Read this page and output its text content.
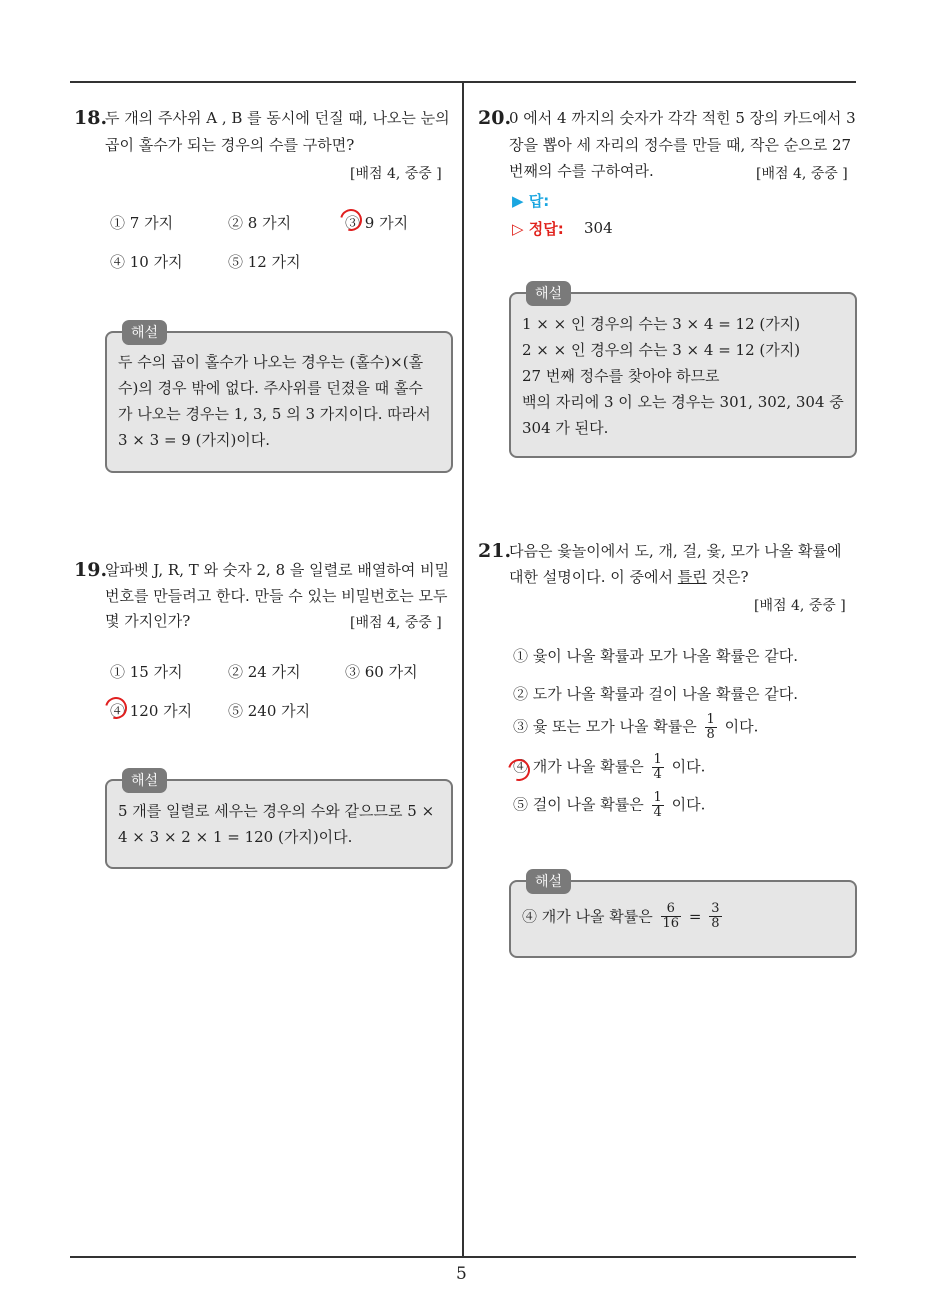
5
18.
두 개의 주사위 A , B 를 동시에 던질 때, 나오는 눈의
곱이 홀수가 되는 경우의 수를 구하면?
[배점 4, 중중 ]
① 7 가지	② 8 가지	③ 9 가지
④ 10 가지	⑤ 12 가지
해설
두 수의 곱이 홀수가 나오는 경우는 (홀수)×(홀
수)의 경우 밖에 없다. 주사위를 던졌을 때 홀수
가 나오는 경우는 1, 3, 5 의 3 가지이다. 따라서
3 × 3 = 9 (가지)이다.
19.
알파벳 J, R, T 와 숫자 2, 8 을 일렬로 배열하여 비밀
번호를 만들려고 한다. 만들 수 있는 비밀번호는 모두
몇 가지인가?	[배점 4, 중중 ]
① 15 가지	② 24 가지	③ 60 가지
④ 120 가지 ⑤ 240 가지
해설
5 개를 일렬로 세우는 경우의 수와 같으므로 5 ×
4 × 3 × 2 × 1 = 120 (가지)이다.
20.
0 에서 4 까지의 숫자가 각각 적힌 5 장의 카드에서 3
장을 뽑아 세 자리의 정수를 만들 때, 작은 순으로 27
번째의 수를 구하여라.	[배점 4, 중중 ]
▶ 답:
▷ 정답: 304
해설
1 × × 인 경우의 수는 3 × 4 = 12 (가지)
2 × × 인 경우의 수는 3 × 4 = 12 (가지)
27 번째 정수를 찾아야 하므로
백의 자리에 3 이 오는 경우는 301, 302, 304 중
304 가 된다.
21.
다음은 윷놀이에서 도, 개, 걸, 윷, 모가 나올 확률에
대한 설명이다. 이 중에서 틀린 것은?
[배점 4, 중중 ]
① 윷이 나올 확률과 모가 나올 확률은 같다.
② 도가 나올 확률과 걸이 나올 확률은 같다.
③ 윷 또는 모가 나올 확률은 $\frac{1}{8}$ 이다.
④ 개가 나올 확률은 $\frac{1}{4}$ 이다.
⑤ 걸이 나올 확률은 $\frac{1}{4}$ 이다.
해설
④ 개가 나올 확률은 $\frac{6}{16} = \frac{3}{8}$
